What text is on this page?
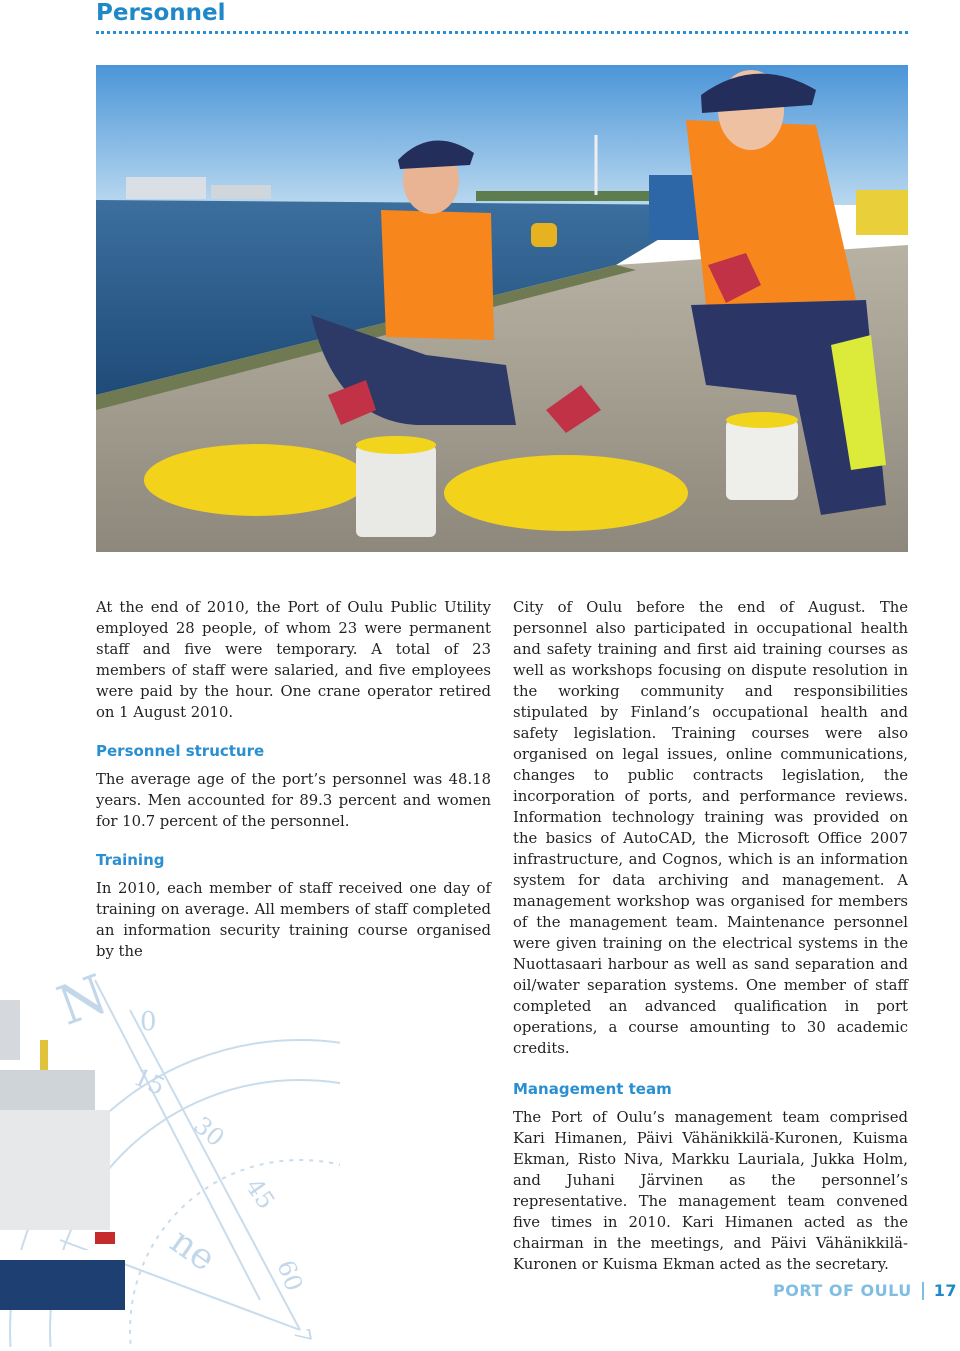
Personnel
N
ne
0
15
30
45
60
7

At the end of 2010, the Port of Oulu Public Utility employed 28 people, of whom 23 were permanent staff and five were temporary. A total of 23 members of staff were salaried, and five employees were paid by the hour. One crane operator retired on 1 August 2010.

Personnel structure

The average age of the port’s personnel was 48.18 years. Men accounted for 89.3 percent and women for 10.7 percent of the personnel.

Training

In 2010, each member of staff received one day of training on average. All members of staff completed an information security training course organised by the

City of Oulu before the end of August. The personnel also participated in occupational health and safety training and first aid training courses as well as workshops focusing on dispute resolution in the working community and responsibilities stipulated by Finland’s occupational health and safety legislation. Training courses were also organised on legal issues, online communications, changes to public contracts legislation, the incorporation of ports, and performance reviews. Information technology training was provided on the basics of AutoCAD, the Microsoft Office 2007 infrastructure, and Cognos, which is an information system for data archiving and management. A management workshop was organised for members of the management team. Maintenance personnel were given training on the electrical systems in the Nuottasaari harbour as well as sand separation and oil/water separation systems. One member of staff completed an advanced qualification in port operations, a course amounting to 30 academic credits.

Management team

The Port of Oulu’s management team comprised Kari Himanen, Päivi Vähänikkilä-Kuronen, Kuisma Ekman, Risto Niva, Markku Lauriala, Jukka Holm, and Juhani Järvinen as the personnel’s representative. The management team convened five times in 2010. Kari Himanen acted as the chairman in the meetings, and Päivi Vähänikkilä-Kuronen or Kuisma Ekman acted as the secretary.

PORT OF OULU 17
